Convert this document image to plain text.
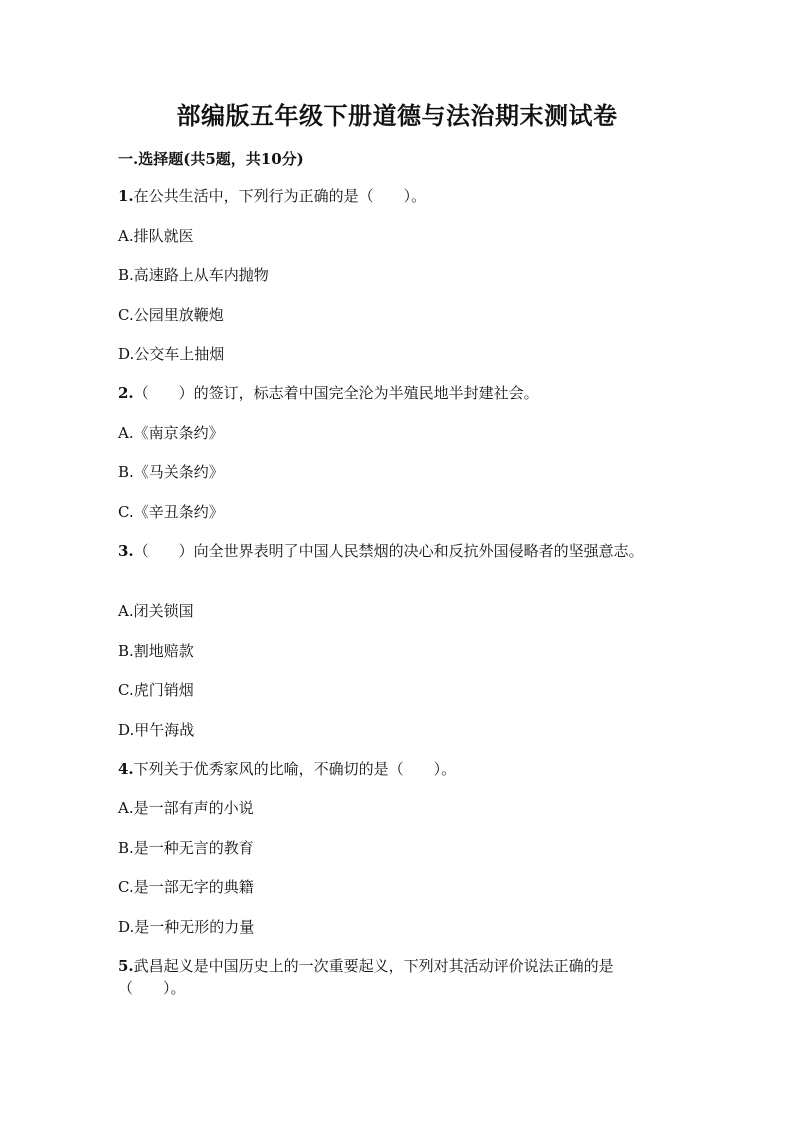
部编版五年级下册道德与法治期末测试卷
一.选择题(共5题，共10分)
1.在公共生活中，下列行为正确的是（　　）。
A.排队就医
B.高速路上从车内抛物
C.公园里放鞭炮
D.公交车上抽烟
2.（　　）的签订，标志着中国完全沦为半殖民地半封建社会。
A.《南京条约》
B.《马关条约》
C.《辛丑条约》
3.（　　）向全世界表明了中国人民禁烟的决心和反抗外国侵略者的坚强意志。
A.闭关锁国
B.割地赔款
C.虎门销烟
D.甲午海战
4.下列关于优秀家风的比喻，不确切的是（　　）。
A.是一部有声的小说
B.是一种无言的教育
C.是一部无字的典籍
D.是一种无形的力量
5.武昌起义是中国历史上的一次重要起义，下列对其活动评价说法正确的是（　　）。
